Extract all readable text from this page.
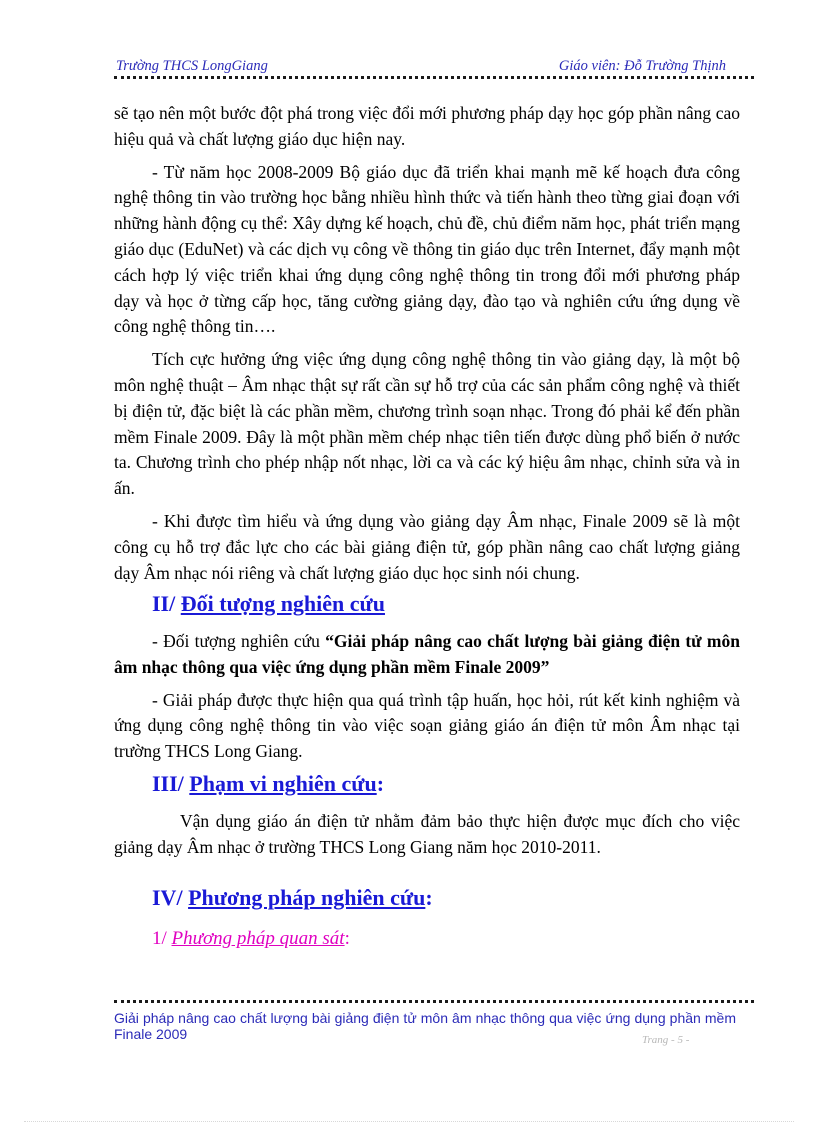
Trường THCS LongGiang	Giáo viên: Đỗ Trường Thịnh

sẽ tạo nên một bước đột phá trong việc đổi mới phương pháp dạy học góp phần nâng cao hiệu quả và chất lượng giáo dục hiện nay.

- Từ năm học 2008-2009 Bộ giáo dục đã triển khai mạnh mẽ kế hoạch đưa công nghệ thông tin vào trường học bằng nhiều hình thức và tiến hành theo từng giai đoạn với những hành động cụ thể: Xây dựng kế hoạch, chủ đề, chủ điểm năm học, phát triển mạng giáo dục (EduNet) và các dịch vụ công về thông tin giáo dục trên Internet, đẩy mạnh một cách hợp lý việc triển khai ứng dụng công nghệ thông tin trong đổi mới phương pháp dạy và học ở từng cấp học, tăng cường giảng dạy, đào tạo và nghiên cứu ứng dụng về công nghệ thông tin….

Tích cực hưởng ứng việc ứng dụng công nghệ thông tin vào giảng dạy, là một bộ môn nghệ thuật – Âm nhạc thật sự rất cần sự hỗ trợ của các sản phẩm công nghệ và thiết bị điện tử, đặc biệt là các phần mềm, chương trình soạn nhạc. Trong đó phải kể đến phần mềm Finale 2009. Đây là một phần mềm chép nhạc tiên tiến được dùng phổ biến ở nước ta. Chương trình cho phép nhập nốt nhạc, lời ca và các ký hiệu âm nhạc, chỉnh sửa và in ấn.

- Khi được tìm hiểu và ứng dụng vào giảng dạy Âm nhạc, Finale 2009 sẽ là một công cụ hỗ trợ đắc lực cho các bài giảng điện tử, góp phần nâng cao chất lượng giảng dạy Âm nhạc nói riêng và chất lượng giáo dục học sinh nói chung.

II/ Đối tượng nghiên cứu

- Đối tượng nghiên cứu “Giải pháp nâng cao chất lượng bài giảng điện tử môn âm nhạc thông qua việc ứng dụng phần mềm Finale 2009”

- Giải pháp được thực hiện qua quá trình tập huấn, học hỏi, rút kết kinh nghiệm và ứng dụng công nghệ thông tin vào việc soạn giảng giáo án điện tử môn Âm nhạc tại trường THCS Long Giang.

III/ Phạm vi nghiên cứu:

Vận dụng giáo án điện tử nhằm đảm bảo thực hiện được mục đích cho việc giảng dạy Âm nhạc ở trường THCS Long Giang năm học 2010-2011.

IV/ Phương pháp nghiên cứu:
1/ Phương pháp quan sát:
Giải pháp nâng cao chất lượng bài giảng điện tử môn âm nhạc thông qua việc ứng dụng phần mềm Finale 2009	Trang - 5 -
